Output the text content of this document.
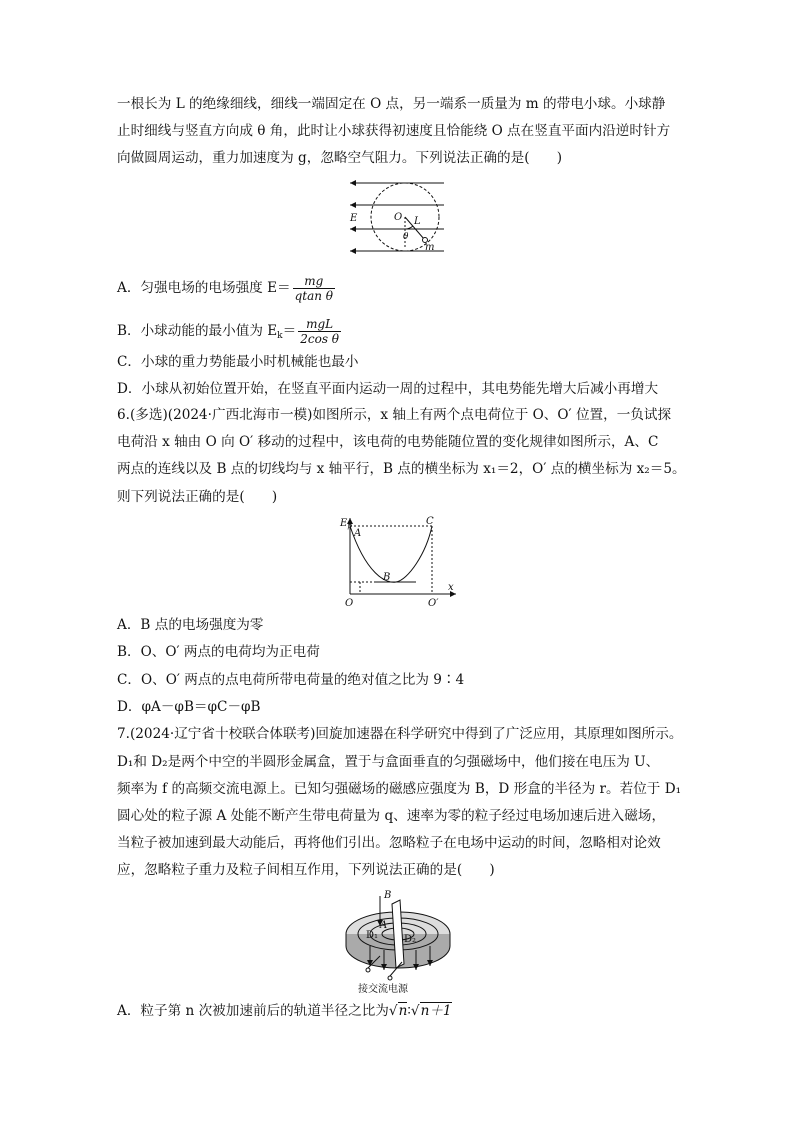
一根长为 L 的绝缘细线，细线一端固定在 O 点，另一端系一质量为 m 的带电小球。小球静
止时细线与竖直方向成 θ 角，此时让小球获得初速度且恰能绕 O 点在竖直平面内沿逆时针方
向做圆周运动，重力加速度为 g，忽略空气阻力。下列说法正确的是(　　)
E	O L
θ
m
A．匀强电场的电场强度 $E= \frac{mg}{\text{qtan θ}}$
B．小球动能的最小值为 $E_k= \frac{\text{mgL}}{\text{2cos θ}}$
C．小球的重力势能最小时机械能也最小
D．小球从初始位置开始，在竖直平面内运动一周的过程中，其电势能先增大后减小再增大
6.(多选)(2024·广西北海市一模)如图所示，x 轴上有两个点电荷位于 O、O′ 位置，一负试探
电荷沿 x 轴由 O 向 O′ 移动的过程中，该电荷的电势能随位置的变化规律如图所示，A、C
两点的连线以及 B 点的切线均与 x 轴平行，B 点的横坐标为 x₁＝2，O′ 点的横坐标为 x₂＝5。
则下列说法正确的是(　　)
$E_p$
A
B
C
x
O	O′
A．B 点的电场强度为零
B．O、O′ 两点的电荷均为正电荷
C．O、O′ 两点的点电荷所带电荷量的绝对值之比为 9∶4
D．φA－φB＝φC－φB
7.(2024·辽宁省十校联合体联考)回旋加速器在科学研究中得到了广泛应用，其原理如图所示。
D₁和 D₂是两个中空的半圆形金属盒，置于与盒面垂直的匀强磁场中，他们接在电压为 U、
频率为 f 的高频交流电源上。已知匀强磁场的磁感应强度为 B，D 形盒的半径为 r。若位于 D₁
圆心处的粒子源 A 处能不断产生带电荷量为 q、速率为零的粒子经过电场加速后进入磁场，
当粒子被加速到最大动能后，再将他们引出。忽略粒子在电场中运动的时间，忽略相对论效
应，忽略粒子重力及粒子间相互作用，下列说法正确的是(　　)
B
A
D₁	D₂
接交流电源
A．粒子第 n 次被加速前后的轨道半径之比为√n∶√n＋1
